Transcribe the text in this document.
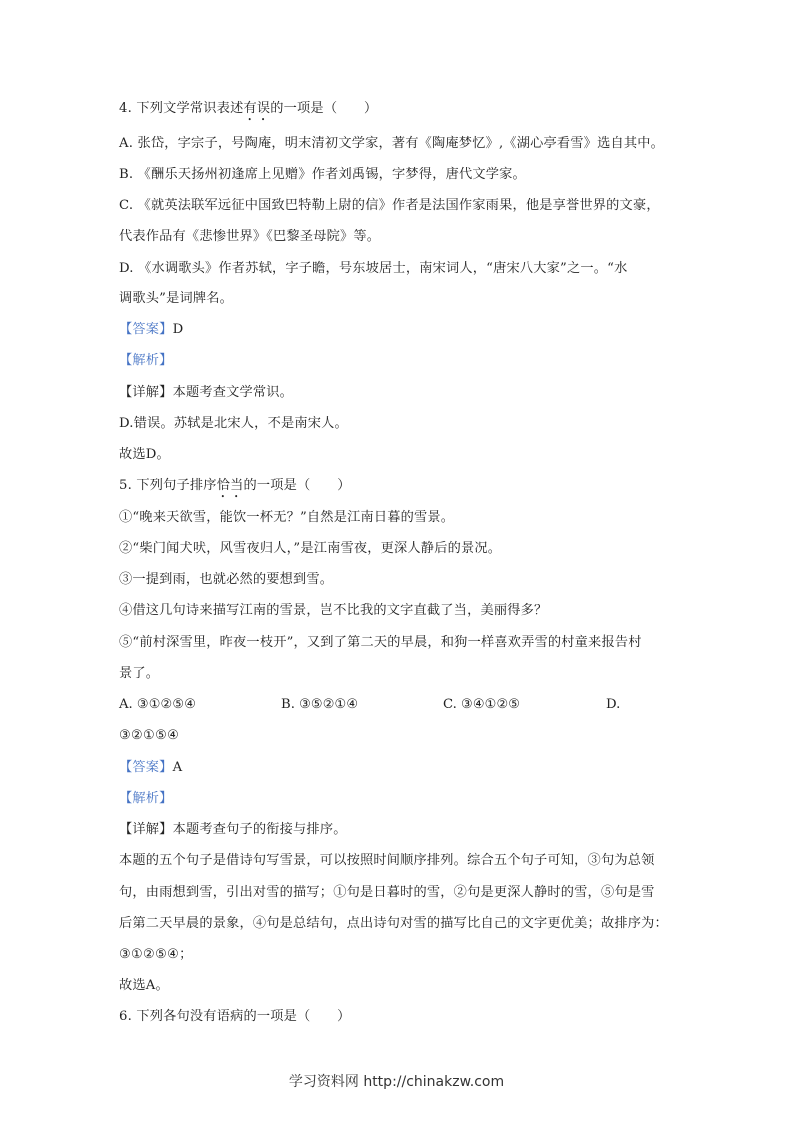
4. 下列文学常识表述有误的一项是（　　）
A. 张岱，字宗子，号陶庵，明末清初文学家，著有《陶庵梦忆》,《湖心亭看雪》选自其中。
B. 《酬乐天扬州初逢席上见赠》作者刘禹锡，字梦得，唐代文学家。
C. 《就英法联军远征中国致巴特勒上尉的信》作者是法国作家雨果，他是享誉世界的文豪，
代表作品有《悲惨世界》《巴黎圣母院》等。
D. 《水调歌头》作者苏轼，字子瞻，号东坡居士，南宋词人，“唐宋八大家”之一。“水
调歌头”是词牌名。
【答案】D
【解析】
【详解】本题考查文学常识。
D.错误。苏轼是北宋人，不是南宋人。
故选D。
5. 下列句子排序恰当的一项是（　　）
①“晚来天欲雪，能饮一杯无？”自然是江南日暮的雪景。
②“柴门闻犬吠，风雪夜归人，”是江南雪夜，更深人静后的景况。
③一提到雨，也就必然的要想到雪。
④借这几句诗来描写江南的雪景，岂不比我的文字直截了当，美丽得多？
⑤“前村深雪里，昨夜一枝开”，又到了第二天的早晨，和狗一样喜欢弄雪的村童来报告村
景了。
A. ③①②⑤④	B. ③⑤②①④	C. ③④①②⑤	D.
③②①⑤④
【答案】A
【解析】
【详解】本题考查句子的衔接与排序。
本题的五个句子是借诗句写雪景，可以按照时间顺序排列。综合五个句子可知，③句为总领
句，由雨想到雪，引出对雪的描写；①句是日暮时的雪，②句是更深人静时的雪，⑤句是雪
后第二天早晨的景象，④句是总结句，点出诗句对雪的描写比自己的文字更优美；故排序为：
③①②⑤④；
故选A。
6. 下列各句没有语病的一项是（　　）
学习资料网 http://chinakzw.com
